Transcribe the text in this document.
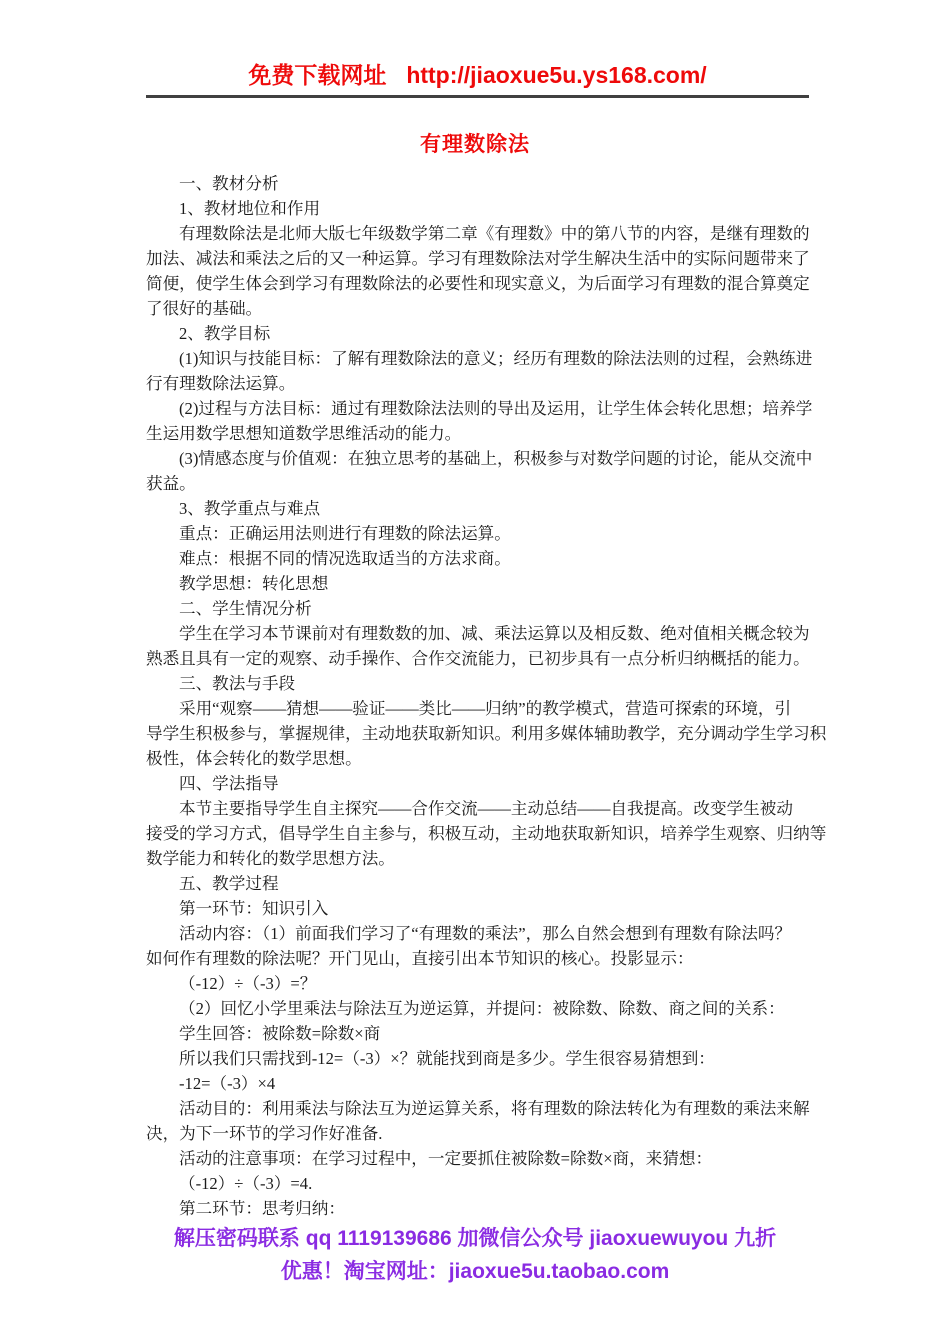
免费下载网址 http://jiaoxue5u.ys168.com/
有理数除法
一、教材分析
1、教材地位和作用
有理数除法是北师大版七年级数学第二章《有理数》中的第八节的内容，是继有理数的
加法、减法和乘法之后的又一种运算。学习有理数除法对学生解决生活中的实际问题带来了
简便，使学生体会到学习有理数除法的必要性和现实意义，为后面学习有理数的混合算奠定
了很好的基础。
2、教学目标
(1)知识与技能目标：了解有理数除法的意义；经历有理数的除法法则的过程，会熟练进
行有理数除法运算。
(2)过程与方法目标：通过有理数除法法则的导出及运用，让学生体会转化思想；培养学
生运用数学思想知道数学思维活动的能力。
(3)情感态度与价值观：在独立思考的基础上，积极参与对数学问题的讨论，能从交流中
获益。
3、教学重点与难点
重点：正确运用法则进行有理数的除法运算。
难点：根据不同的情况选取适当的方法求商。
教学思想：转化思想
二、学生情况分析
学生在学习本节课前对有理数数的加、减、乘法运算以及相反数、绝对值相关概念较为
熟悉且具有一定的观察、动手操作、合作交流能力，已初步具有一点分析归纳概括的能力。
三、教法与手段
采用“观察——猜想——验证——类比——归纳”的教学模式，营造可探索的环境，引
导学生积极参与，掌握规律，主动地获取新知识。利用多媒体辅助教学，充分调动学生学习积
极性，体会转化的数学思想。
四、学法指导
本节主要指导学生自主探究——合作交流——主动总结——自我提高。改变学生被动
接受的学习方式，倡导学生自主参与，积极互动，主动地获取新知识，培养学生观察、归纳等
数学能力和转化的数学思想方法。
五、教学过程
第一环节：知识引入
活动内容：（1）前面我们学习了“有理数的乘法”，那么自然会想到有理数有除法吗？
如何作有理数的除法呢？开门见山，直接引出本节知识的核心。投影显示：
（-12）÷（-3）=？
（2）回忆小学里乘法与除法互为逆运算，并提问：被除数、除数、商之间的关系：
学生回答：被除数=除数×商
所以我们只需找到-12=（-3）×？就能找到商是多少。学生很容易猜想到：
-12=（-3）×4
活动目的：利用乘法与除法互为逆运算关系，将有理数的除法转化为有理数的乘法来解
决，为下一环节的学习作好准备.
活动的注意事项：在学习过程中，一定要抓住被除数=除数×商，来猜想：
（-12）÷（-3）=4.
第二环节：思考归纳：
解压密码联系 qq 1119139686 加微信公众号 jiaoxuewuyou 九折
优惠！淘宝网址：jiaoxue5u.taobao.com
